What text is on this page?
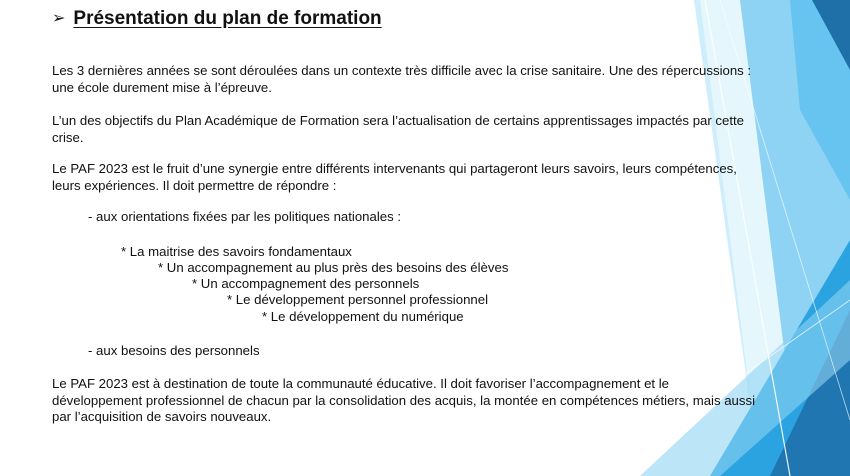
➢ Présentation du plan de formation
Les 3 dernières années se sont déroulées dans un contexte très difficile avec la crise sanitaire. Une des répercussions :
une école durement mise à l’épreuve.
L’un des objectifs du Plan Académique de Formation sera l’actualisation de certains apprentissages impactés par cette
crise.
Le PAF 2023 est le fruit d’une synergie entre différents intervenants qui partageront leurs savoirs, leurs compétences,
leurs expériences. Il doit permettre de répondre :
- aux orientations fixées par les politiques nationales :
* La maitrise des savoirs fondamentaux
* Un accompagnement au plus près des besoins des élèves
* Un accompagnement des personnels
* Le développement personnel professionnel
* Le développement du numérique
- aux besoins des personnels
Le PAF 2023 est à destination de toute la communauté éducative. Il doit favoriser l’accompagnement et le
développement professionnel de chacun par la consolidation des acquis, la montée en compétences métiers, mais aussi
par l’acquisition de savoirs nouveaux.
